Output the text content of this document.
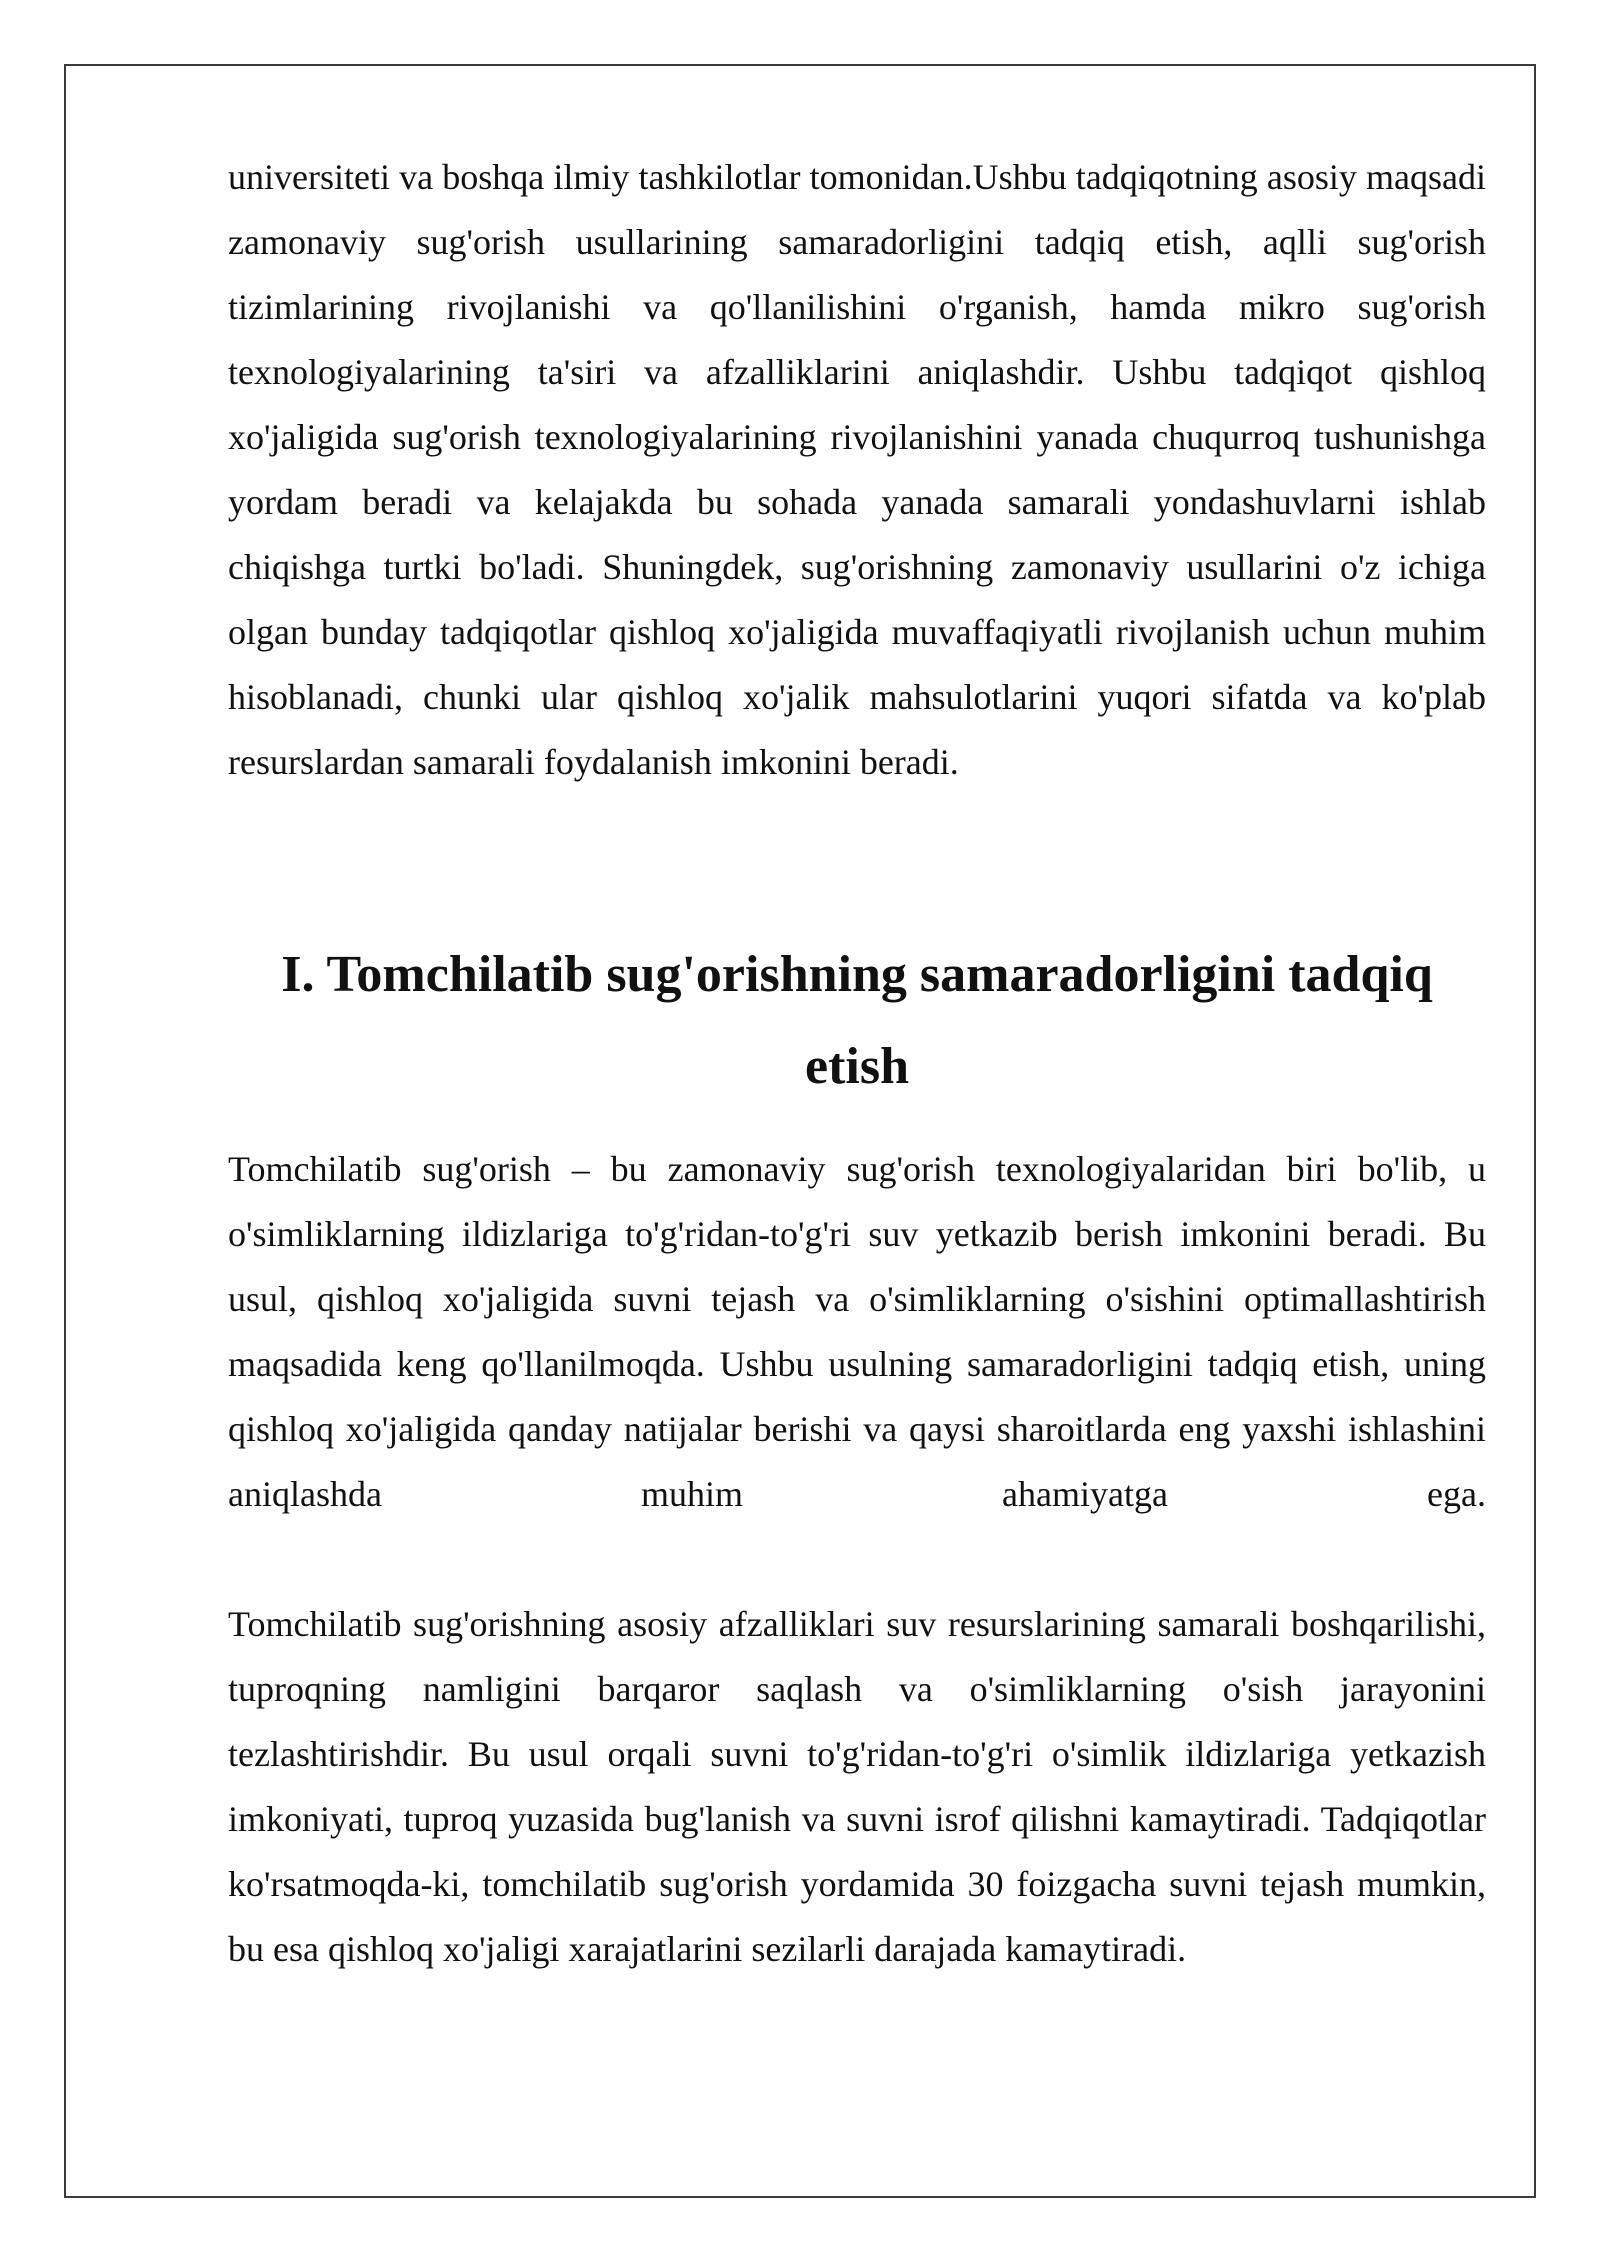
universiteti va boshqa ilmiy tashkilotlar tomonidan.Ushbu tadqiqotning asosiy maqsadi zamonaviy sug'orish usullarining samaradorligini tadqiq etish, aqlli sug'orish tizimlarining rivojlanishi va qo'llanilishini o'rganish, hamda mikro sug'orish texnologiyalarining ta'siri va afzalliklarini aniqlashdir. Ushbu tadqiqot qishloq xo'jaligida sug'orish texnologiyalarining rivojlanishini yanada chuqurroq tushunishga yordam beradi va kelajakda bu sohada yanada samarali yondashuvlarni ishlab chiqishga turtki bo'ladi. Shuningdek, sug'orishning zamonaviy usullarini o'z ichiga olgan bunday tadqiqotlar qishloq xo'jaligida muvaffaqiyatli rivojlanish uchun muhim hisoblanadi, chunki ular qishloq xo'jalik mahsulotlarini yuqori sifatda va ko'plab resurslardan samarali foydalanish imkonini beradi.

I. Tomchilatib sug'orishning samaradorligini tadqiq etish

Tomchilatib sug'orish – bu zamonaviy sug'orish texnologiyalaridan biri bo'lib, u o'simliklarning ildizlariga to'g'ridan-to'g'ri suv yetkazib berish imkonini beradi. Bu usul, qishloq xo'jaligida suvni tejash va o'simliklarning o'sishini optimallashtirish maqsadida keng qo'llanilmoqda. Ushbu usulning samaradorligini tadqiq etish, uning qishloq xo'jaligida qanday natijalar berishi va qaysi sharoitlarda eng yaxshi ishlashini aniqlashda muhim ahamiyatga ega.

Tomchilatib sug'orishning asosiy afzalliklari suv resurslarining samarali boshqarilishi, tuproqning namligini barqaror saqlash va o'simliklarning o'sish jarayonini tezlashtirishdir. Bu usul orqali suvni to'g'ridan-to'g'ri o'simlik ildizlariga yetkazish imkoniyati, tuproq yuzasida bug'lanish va suvni isrof qilishni kamaytiradi. Tadqiqotlar ko'rsatmoqda-ki, tomchilatib sug'orish yordamida 30 foizgacha suvni tejash mumkin, bu esa qishloq xo'jaligi xarajatlarini sezilarli darajada kamaytiradi.
